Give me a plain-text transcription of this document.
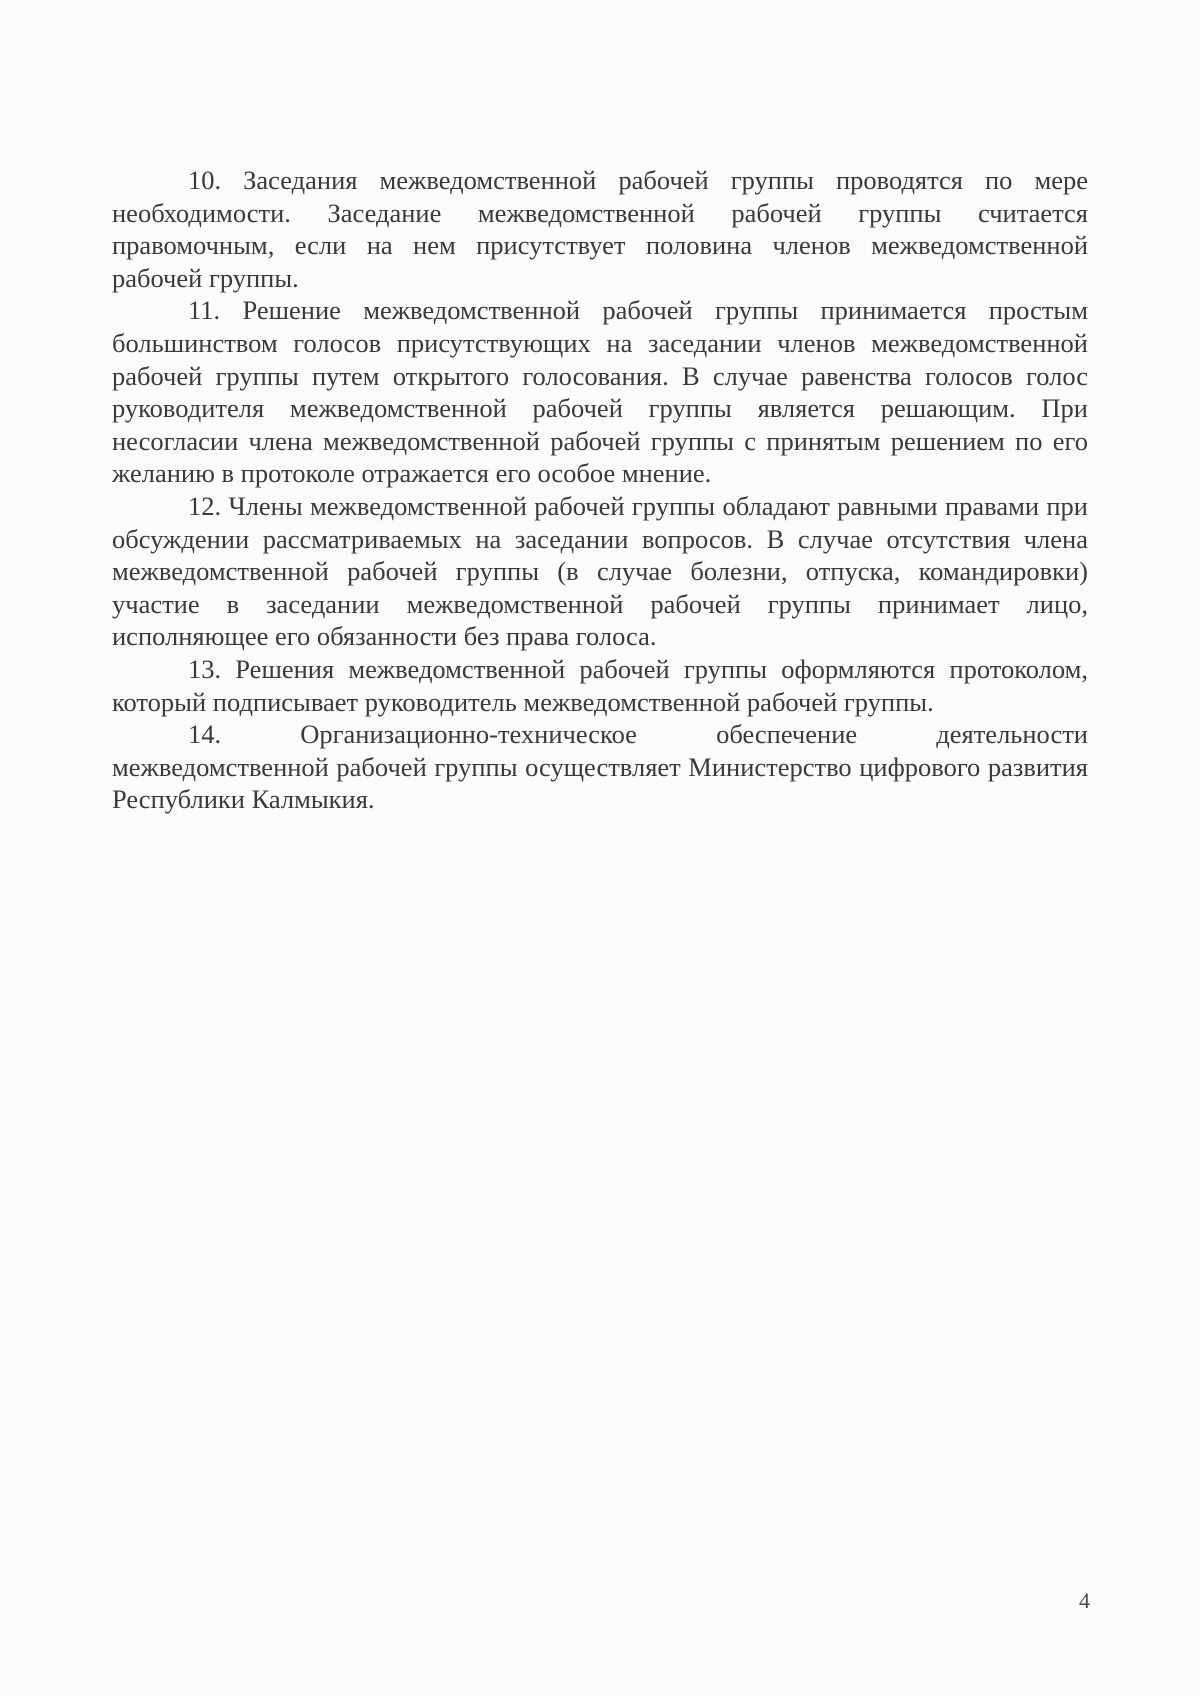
10. Заседания межведомственной рабочей группы проводятся по мере необходимости. Заседание межведомственной рабочей группы считается правомочным, если на нем присутствует половина членов межведомственной рабочей группы.

11. Решение межведомственной рабочей группы принимается простым большинством голосов присутствующих на заседании членов межведомственной рабочей группы путем открытого голосования. В случае равенства голосов голос руководителя межведомственной рабочей группы является решающим. При несогласии члена межведомственной рабочей группы с принятым решением по его желанию в протоколе отражается его особое мнение.

12. Члены межведомственной рабочей группы обладают равными правами при обсуждении рассматриваемых на заседании вопросов. В случае отсутствия члена межведомственной рабочей группы (в случае болезни, отпуска, командировки) участие в заседании межведомственной рабочей группы принимает лицо, исполняющее его обязанности без права голоса.

13. Решения межведомственной рабочей группы оформляются протоколом, который подписывает руководитель межведомственной рабочей группы.

14. Организационно-техническое обеспечение деятельности межведомственной рабочей группы осуществляет Министерство цифрового развития Республики Калмыкия.

4
